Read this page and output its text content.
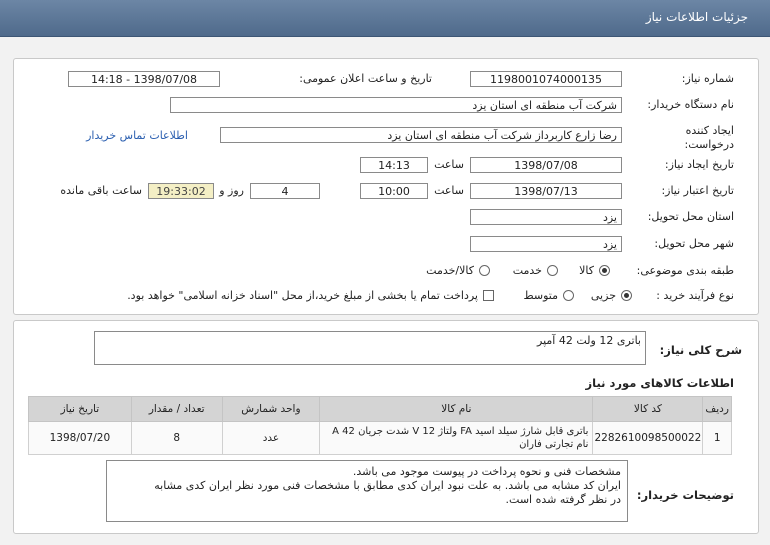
جزئیات اطلاعات نیاز
شماره نیاز:
1198001074000135
تاریخ و ساعت اعلان عمومی:
1398/07/08 - 14:18
نام دستگاه خریدار:
شرکت آب منطقه ای استان یزد
ایجاد کننده درخواست:
رضا زارع کاربرداز شرکت آب منطقه ای استان یزد
اطلاعات تماس خریدار
تاریخ ایجاد نیاز:
1398/07/08
ساعت
14:13
تاریخ اعتبار نیاز:
1398/07/13
ساعت
10:00
4
روز و
19:33:02
ساعت باقی مانده
استان محل تحویل:
یزد
شهر محل تحویل:
یزد
طبقه بندی موضوعی:
کالا
خدمت
کالا/خدمت
نوع فرآیند خرید :
جزیی
متوسط
پرداخت تمام یا بخشی از مبلغ خرید،از محل "اسناد خزانه اسلامی" خواهد بود.
شرح کلی نیاز:
باتری 12 ولت 42 آمپر
اطلاعات کالاهای مورد نیاز
ردیف	کد کالا	نام کالا	واحد شمارش	تعداد / مقدار	تاریخ نیاز
1	2282610098500022	باتری قابل شارژ سیلد اسید FA ولتاژ 12 V شدت جریان 42 A
نام تجارتی فاران	عدد	8	1398/07/20
توضیحات خریدار:
مشخصات فنی و نحوه پرداخت در پیوست موجود می باشد.
ایران کد مشابه می باشد. به علت نبود ایران کدی مطابق با مشخصات فنی مورد نظر ایران کدی مشابه
در نظر گرفته شده است.
